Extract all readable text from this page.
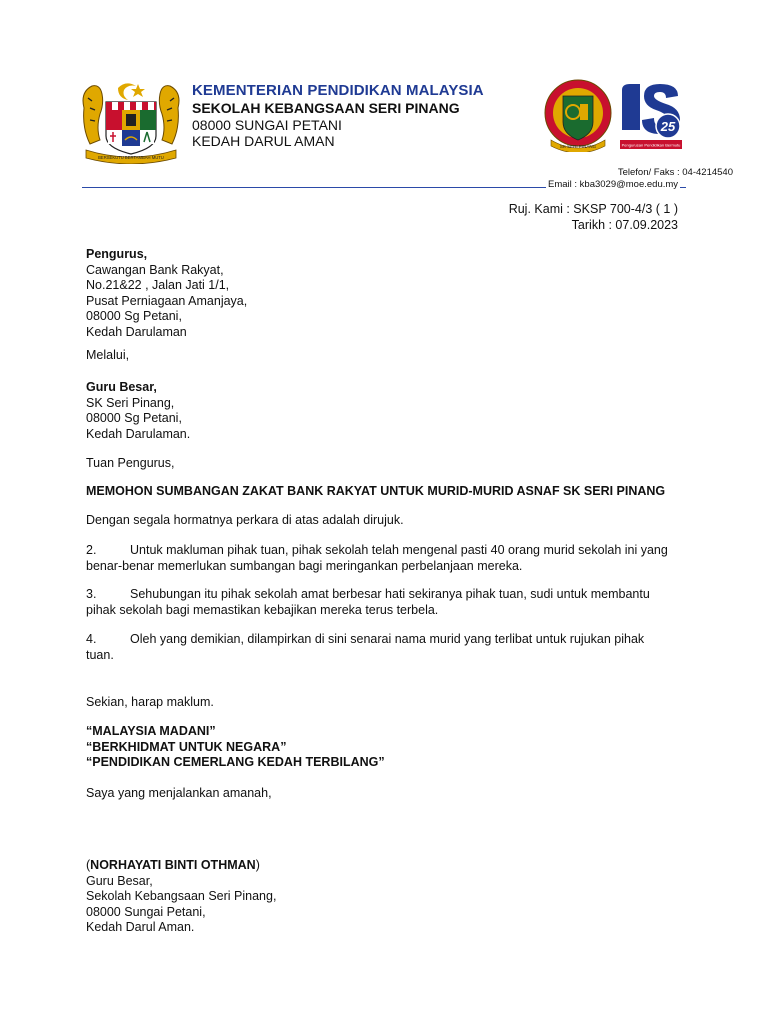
BERSEKUTU BERTAMBAH MUTU
KEMENTERIAN PENDIDIKAN MALAYSIA
SEKOLAH KEBANGSAAN SERI PINANG
08000 SUNGAI PETANI
KEDAH DARUL AMAN	SK SERI PINANG
25
Pengurusan Pendidikan Bermutu
Telefon/ Faks : 04-4214540
Email : kba3029@moe.edu.my
Ruj. Kami : SKSP 700-4/3 ( 1 )
Tarikh : 07.09.2023
Pengurus,
Cawangan Bank Rakyat,
No.21&22 , Jalan Jati 1/1,
Pusat Perniagaan Amanjaya,
08000 Sg Petani,
Kedah Darulaman
Melalui,
Guru Besar,
SK Seri Pinang,
08000 Sg Petani,
Kedah Darulaman.
Tuan Pengurus,
MEMOHON SUMBANGAN ZAKAT BANK RAKYAT UNTUK MURID-MURID ASNAF SK SERI PINANG
Dengan segala hormatnya perkara di atas adalah dirujuk.
2.	Untuk makluman pihak tuan, pihak sekolah telah mengenal pasti 40 orang murid sekolah ini yang
benar-benar memerlukan sumbangan bagi meringankan perbelanjaan mereka.
3.	Sehubungan itu pihak sekolah amat berbesar hati sekiranya pihak tuan, sudi untuk membantu
pihak sekolah bagi memastikan kebajikan mereka terus terbela.
4.	Oleh yang demikian, dilampirkan di sini senarai nama murid yang terlibat untuk rujukan pihak
tuan.
Sekian, harap maklum.
“MALAYSIA MADANI”
“BERKHIDMAT UNTUK NEGARA”
“PENDIDIKAN CEMERLANG KEDAH TERBILANG”
Saya yang menjalankan amanah,
(NORHAYATI BINTI OTHMAN)
Guru Besar,
Sekolah Kebangsaan Seri Pinang,
08000 Sungai Petani,
Kedah Darul Aman.
